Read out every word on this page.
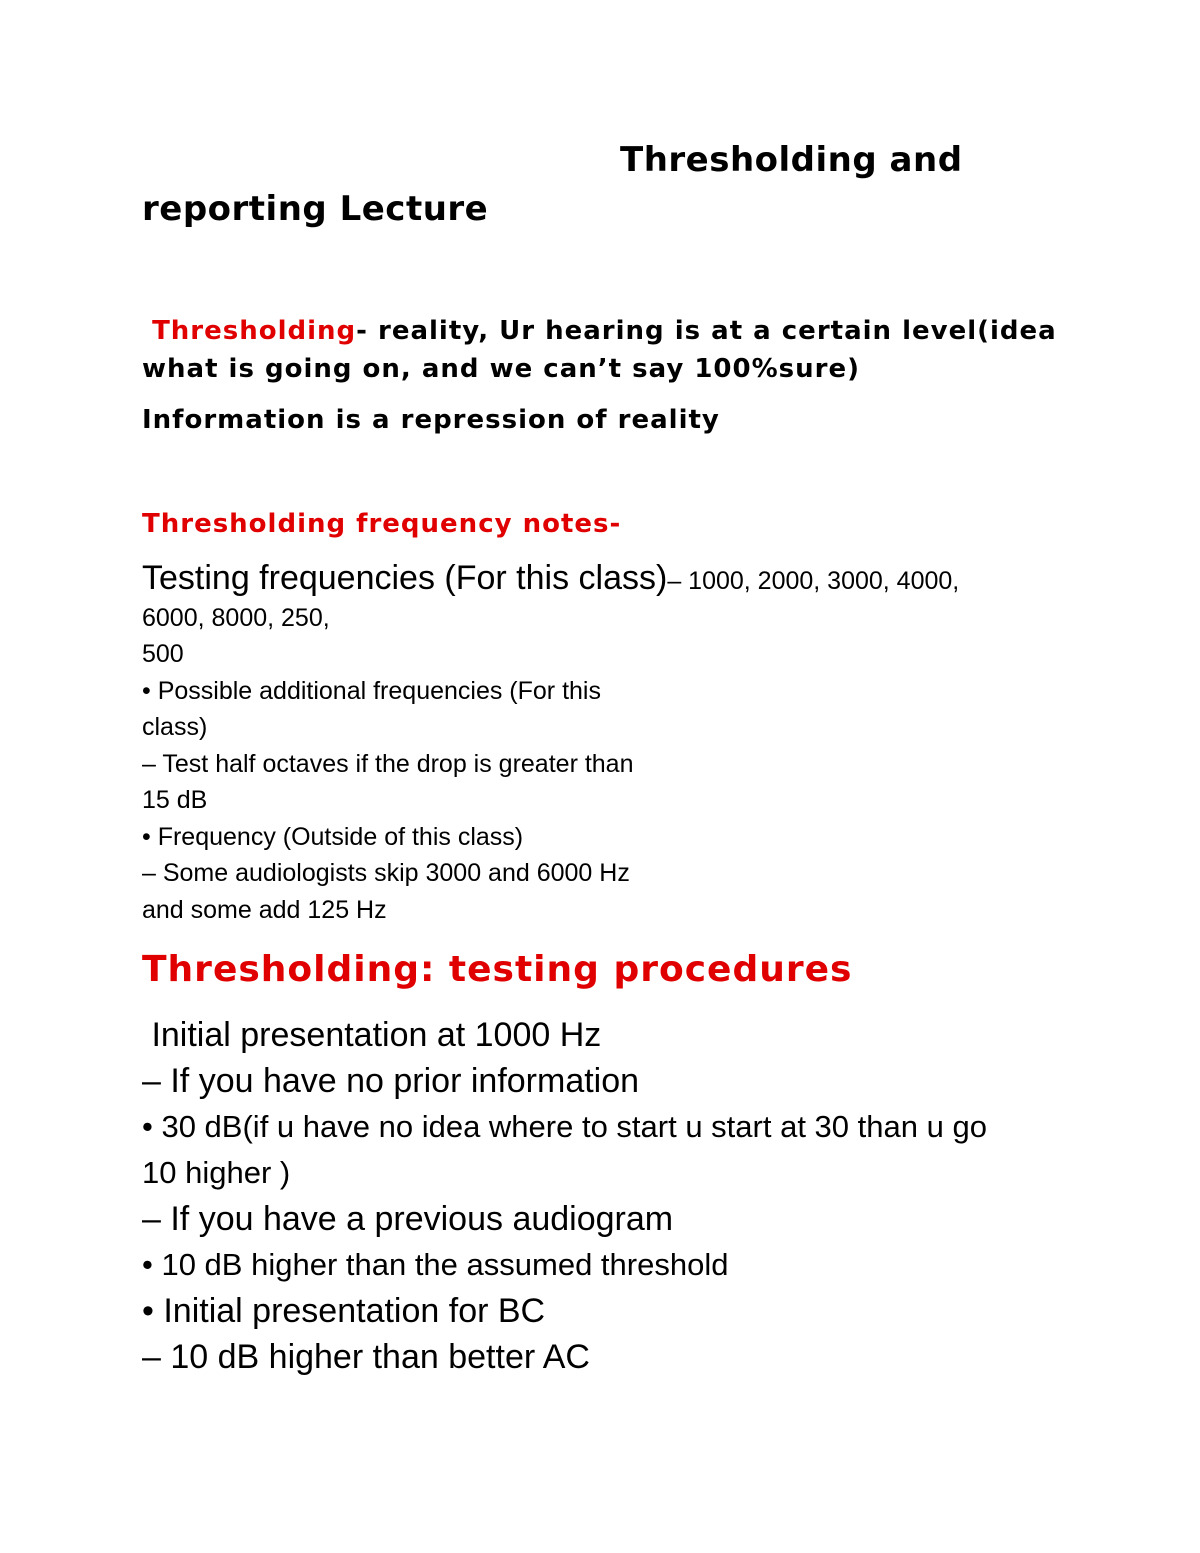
Thresholding and
reporting Lecture

Thresholding- reality, Ur hearing is at a certain level(idea what is going on, and we can’t say 100%sure)

Information is a repression of reality

Thresholding frequency notes-

Testing frequencies (For this class)– 1000, 2000, 3000, 4000,
6000, 8000, 250,
500
• Possible additional frequencies (For this
class)
– Test half octaves if the drop is greater than
15 dB
• Frequency (Outside of this class)
– Some audiologists skip 3000 and 6000 Hz
and some add 125 Hz

Thresholding: testing procedures

Initial presentation at 1000 Hz
– If you have no prior information
• 30 dB(if u have no idea where to start u start at 30 than u go
10 higher )
– If you have a previous audiogram
• 10 dB higher than the assumed threshold
• Initial presentation for BC
– 10 dB higher than better AC
